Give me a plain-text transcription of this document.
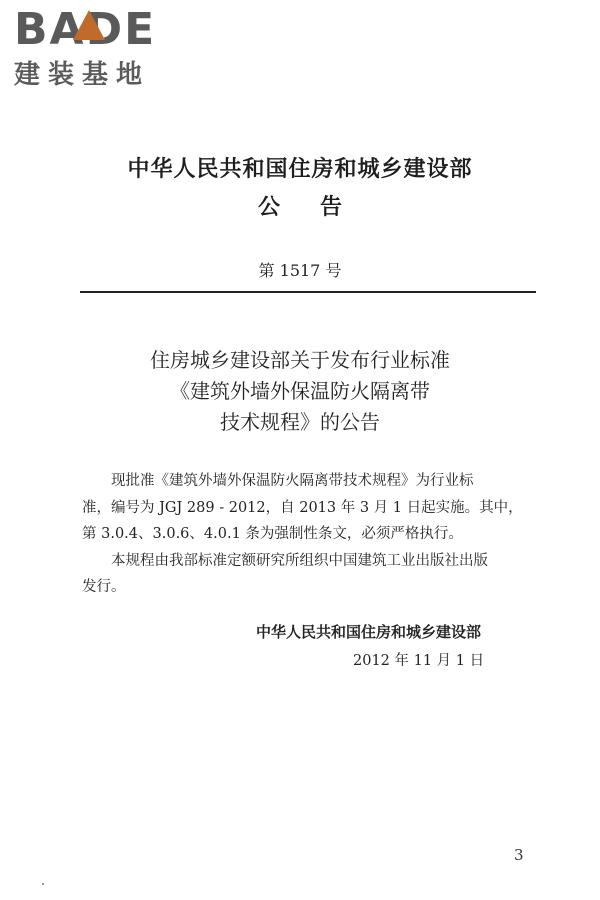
BADE
建装基地
中华人民共和国住房和城乡建设部
公告
第 1517 号
住房城乡建设部关于发布行业标准
《建筑外墙外保温防火隔离带
技术规程》的公告
　　现批准《建筑外墙外保温防火隔离带技术规程》为行业标
准，编号为 JGJ 289 - 2012，自 2013 年 3 月 1 日起实施。其中，
第 3.0.4、3.0.6、4.0.1 条为强制性条文，必须严格执行。
　　本规程由我部标准定额研究所组织中国建筑工业出版社出版
发行。
中华人民共和国住房和城乡建设部
2012 年 11 月 1 日
3
